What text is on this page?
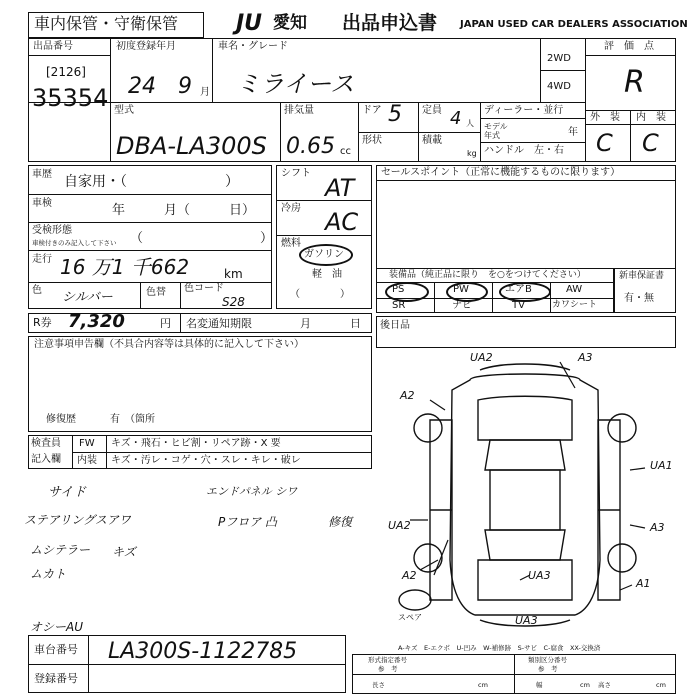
車内保管・守衛保管	JU 愛知 出品申込書 JAPAN USED CAR DEALERS ASSOCIATION
出品番号
[2126]
35354
初度登録年月
24 9 月
車名・グレード
ミライース
2WD
4WD
評　価　点
R
型式
DBA-LA300S
排気量
0.65 cc
ドア 5 定員 4 人
形状	積載
kg
ディーラー・並行
モデル年式	年
ハンドル　左・右
外　装 内　装
C C
車歴 自家用・（　　　　　　　）
車検	年　　　月（　　　日）
受検形態
車検付きのみ記入して下さい （　　　　　　　　　）
走行 16 万1 千662	km
色 シルバー	色替 色コード
S28
シフト
AT
冷房 AC
燃料
ガソリン
軽　油
（　　　　）
セールスポイント（正常に機能するものに限ります）
装備品（純正品に限り　を○をつけてください）
PS	PW	エアB	AW
SR	ナビ	TV	カワシート
新車保証書
有・無
R券 7,320	円 名変通知期限	月	日 後日品
注意事項申告欄（不具合内容等は具体的に記入して下さい）
修復歴	有　（箇所
検査員
記入欄
FW キズ・飛石・ヒビ割・リペア跡・X 要
内装 キズ・汚レ・コゲ・穴・スレ・キレ・破レ
サイド
ステアリングスアワ
ムシテラー キズ
ムカト
エンドパネル シワ
Pフロア 凸	修復
オシーAU
UA2	A3
A2
UA1
UA2	A3
A2	UA3
A1
UA3
スペア
A-キズ　E-エクボ　U-凹み　W-補修跡　S-サビ　C-腐食　XX-交換済
車台番号 LA300S-1122785
登録番号
形式指定番号
参　考
類別区分番号
参　考
長さ	cm	幅	cm 高さ	cm
